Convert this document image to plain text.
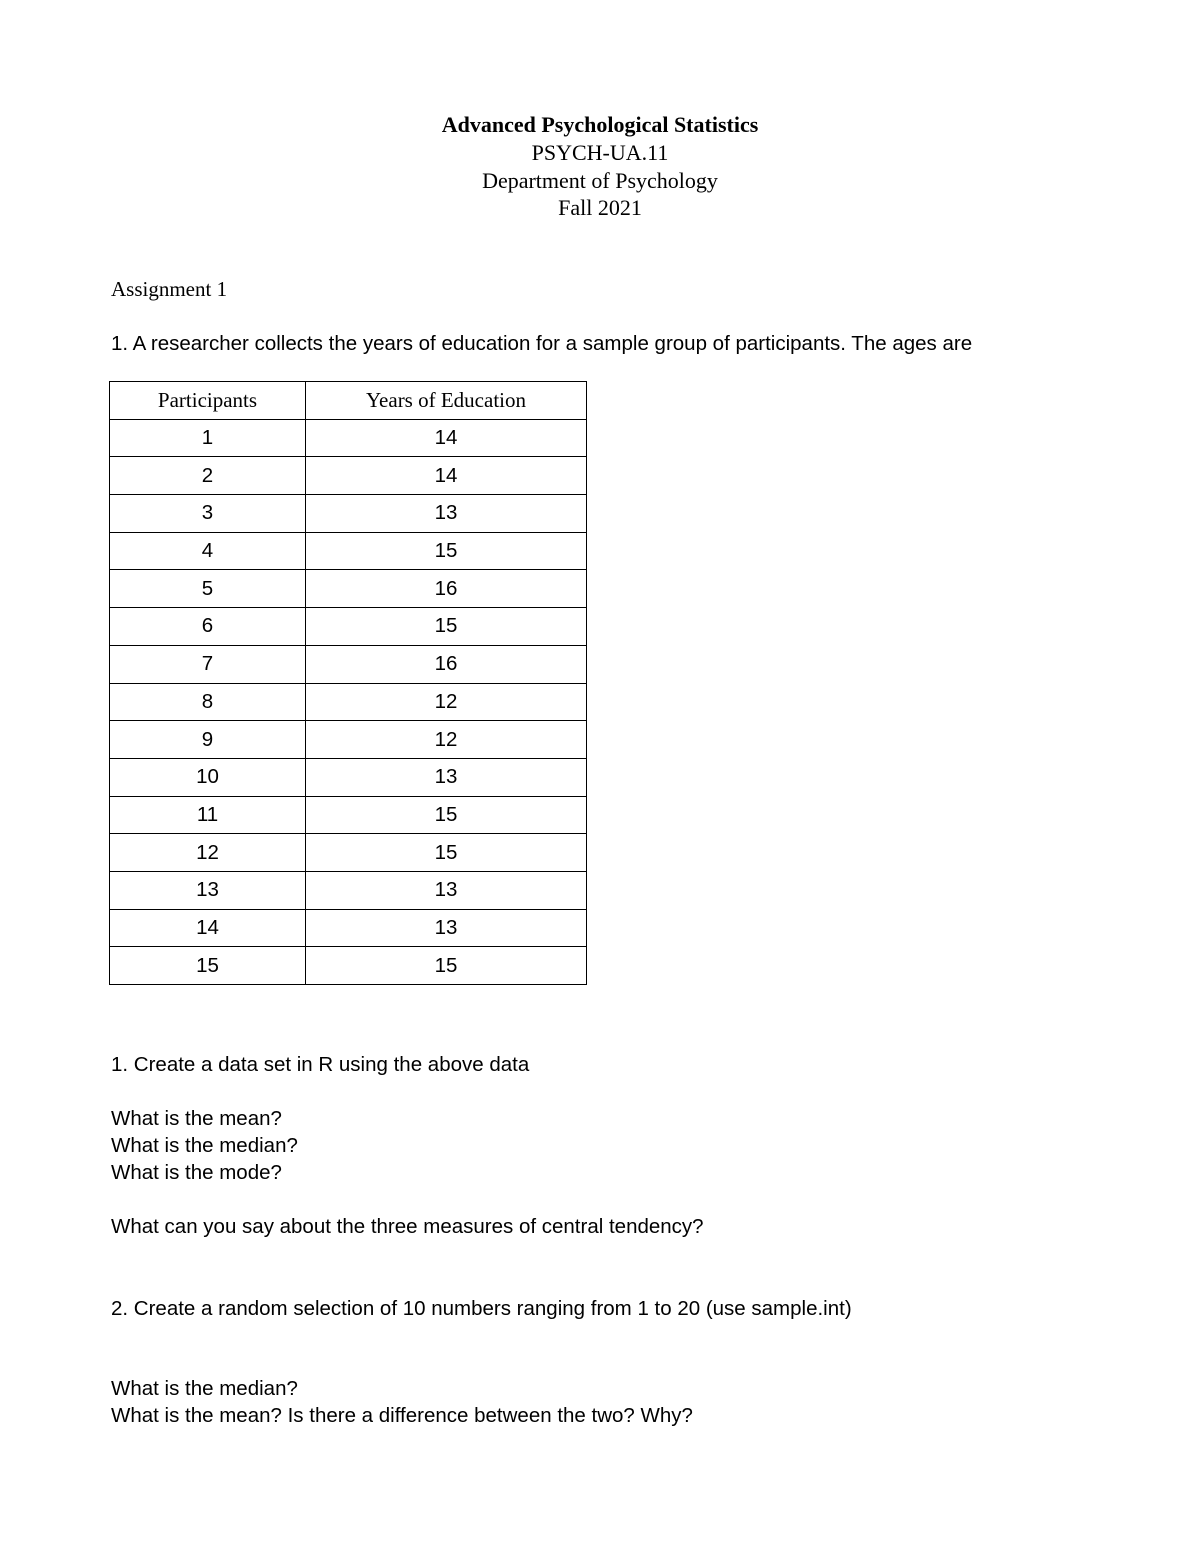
Advanced Psychological Statistics
PSYCH-UA.11
Department of Psychology
Fall 2021
Assignment 1
1. A researcher collects the years of education for a sample group of participants. The ages are
Participants	Years of Education
1	14
2	14
3	13
4	15
5	16
6	15
7	16
8	12
9	12
10	13
11	15
12	15
13	13
14	13
15	15
1. Create a data set in R using the above data
What is the mean?
What is the median?
What is the mode?
What can you say about the three measures of central tendency?
2. Create a random selection of 10 numbers ranging from 1 to 20 (use sample.int)
What is the median?
What is the mean? Is there a difference between the two? Why?
